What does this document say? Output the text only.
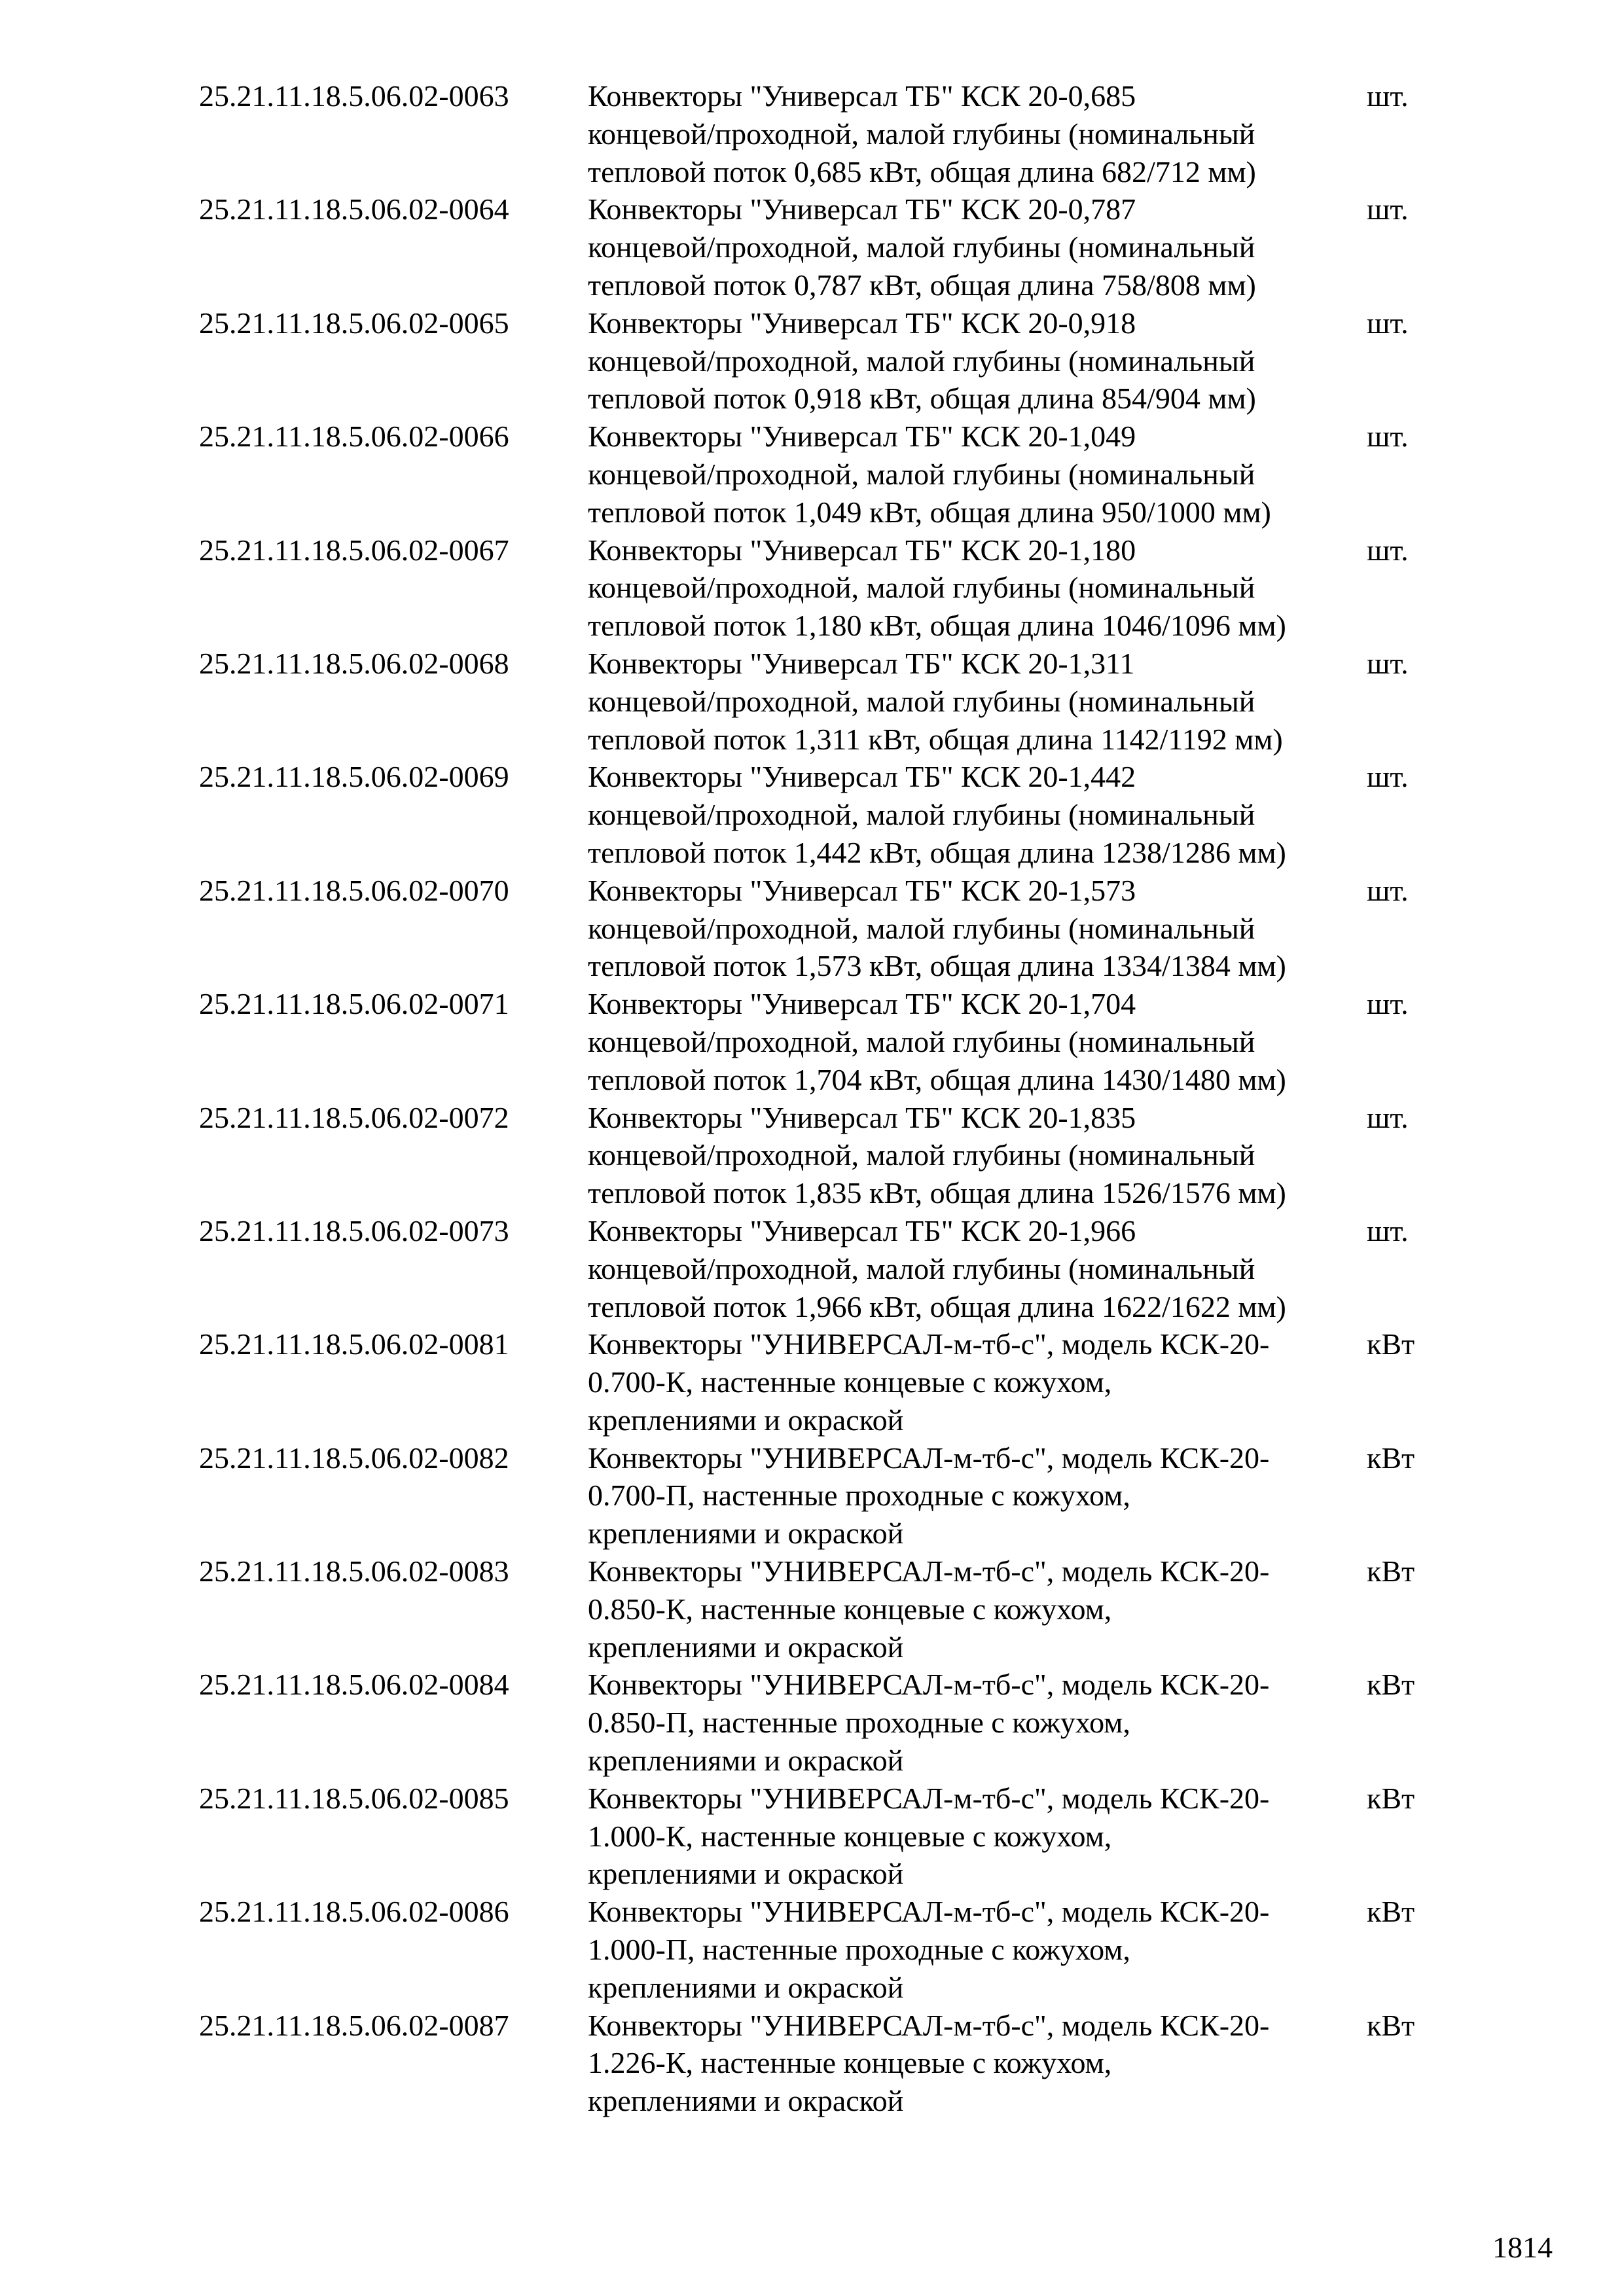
25.21.11.18.5.06.02-0063	Конвекторы "Универсал ТБ" КСК 20-0,685
концевой/проходной, малой глубины (номинальный
тепловой поток 0,685 кВт, общая длина 682/712 мм)
шт.
25.21.11.18.5.06.02-0064	Конвекторы "Универсал ТБ" КСК 20-0,787
концевой/проходной, малой глубины (номинальный
тепловой поток 0,787 кВт, общая длина 758/808 мм)
шт.
25.21.11.18.5.06.02-0065	Конвекторы "Универсал ТБ" КСК 20-0,918
концевой/проходной, малой глубины (номинальный
тепловой поток 0,918 кВт, общая длина 854/904 мм)
шт.
25.21.11.18.5.06.02-0066	Конвекторы "Универсал ТБ" КСК 20-1,049
концевой/проходной, малой глубины (номинальный
тепловой поток 1,049 кВт, общая длина 950/1000 мм)
шт.
25.21.11.18.5.06.02-0067	Конвекторы "Универсал ТБ" КСК 20-1,180
концевой/проходной, малой глубины (номинальный
тепловой поток 1,180 кВт, общая длина 1046/1096 мм)
шт.
25.21.11.18.5.06.02-0068	Конвекторы "Универсал ТБ" КСК 20-1,311
концевой/проходной, малой глубины (номинальный
тепловой поток 1,311 кВт, общая длина 1142/1192 мм)
шт.
25.21.11.18.5.06.02-0069	Конвекторы "Универсал ТБ" КСК 20-1,442
концевой/проходной, малой глубины (номинальный
тепловой поток 1,442 кВт, общая длина 1238/1286 мм)
шт.
25.21.11.18.5.06.02-0070	Конвекторы "Универсал ТБ" КСК 20-1,573
концевой/проходной, малой глубины (номинальный
тепловой поток 1,573 кВт, общая длина 1334/1384 мм)
шт.
25.21.11.18.5.06.02-0071	Конвекторы "Универсал ТБ" КСК 20-1,704
концевой/проходной, малой глубины (номинальный
тепловой поток 1,704 кВт, общая длина 1430/1480 мм)
шт.
25.21.11.18.5.06.02-0072	Конвекторы "Универсал ТБ" КСК 20-1,835
концевой/проходной, малой глубины (номинальный
тепловой поток 1,835 кВт, общая длина 1526/1576 мм)
шт.
25.21.11.18.5.06.02-0073	Конвекторы "Универсал ТБ" КСК 20-1,966
концевой/проходной, малой глубины (номинальный
тепловой поток 1,966 кВт, общая длина 1622/1622 мм)
шт.
25.21.11.18.5.06.02-0081	Конвекторы "УНИВЕРСАЛ-м-тб-с", модель КСК-20-
0.700-К, настенные концевые с кожухом,
креплениями и окраской
кВт
25.21.11.18.5.06.02-0082	Конвекторы "УНИВЕРСАЛ-м-тб-с", модель КСК-20-
0.700-П, настенные проходные с кожухом,
креплениями и окраской
кВт
25.21.11.18.5.06.02-0083	Конвекторы "УНИВЕРСАЛ-м-тб-с", модель КСК-20-
0.850-К, настенные концевые с кожухом,
креплениями и окраской
кВт
25.21.11.18.5.06.02-0084	Конвекторы "УНИВЕРСАЛ-м-тб-с", модель КСК-20-
0.850-П, настенные проходные с кожухом,
креплениями и окраской
кВт
25.21.11.18.5.06.02-0085	Конвекторы "УНИВЕРСАЛ-м-тб-с", модель КСК-20-
1.000-К, настенные концевые с кожухом,
креплениями и окраской
кВт
25.21.11.18.5.06.02-0086	Конвекторы "УНИВЕРСАЛ-м-тб-с", модель КСК-20-
1.000-П, настенные проходные с кожухом,
креплениями и окраской
кВт
25.21.11.18.5.06.02-0087	Конвекторы "УНИВЕРСАЛ-м-тб-с", модель КСК-20-
1.226-К, настенные концевые с кожухом,
креплениями и окраской
кВт
1814
